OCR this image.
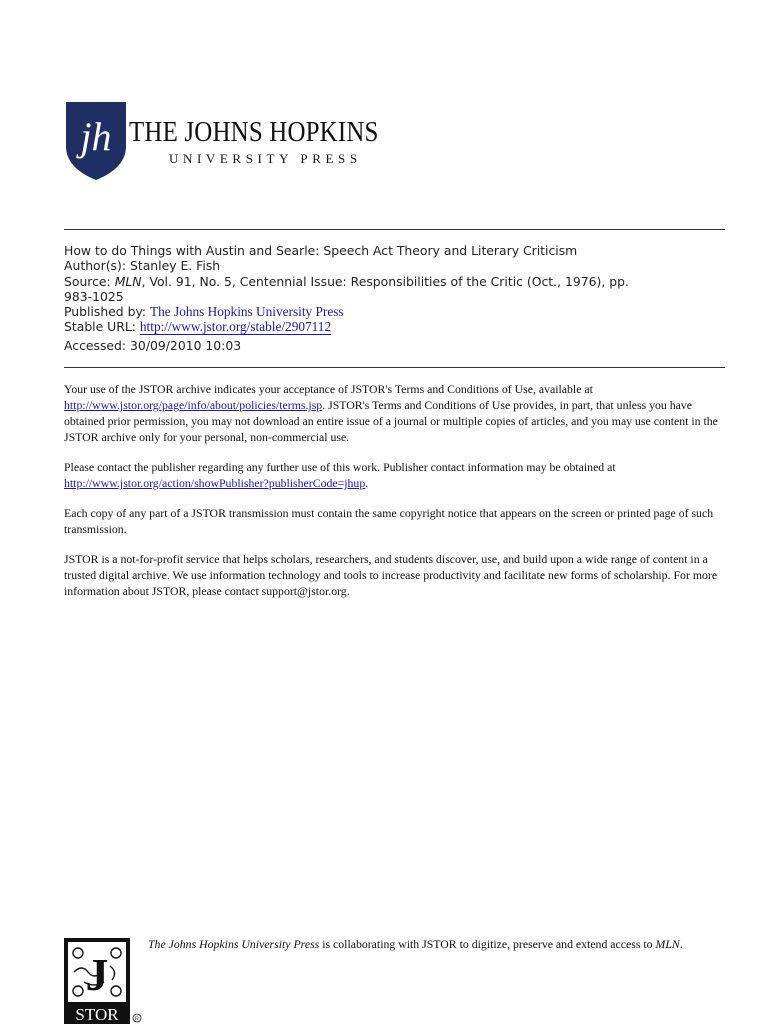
jh THE JOHNS HOPKINS
UNIVERSITY PRESS
How to do Things with Austin and Searle: Speech Act Theory and Literary Criticism
Author(s): Stanley E. Fish
Source: MLN, Vol. 91, No. 5, Centennial Issue: Responsibilities of the Critic (Oct., 1976), pp.
983-1025
Published by: The Johns Hopkins University Press
Stable URL: http://www.jstor.org/stable/2907112
Accessed: 30/09/2010 10:03

Your use of the JSTOR archive indicates your acceptance of JSTOR's Terms and Conditions of Use, available at http://www.jstor.org/page/info/about/policies/terms.jsp. JSTOR's Terms and Conditions of Use provides, in part, that unless you have obtained prior permission, you may not download an entire issue of a journal or multiple copies of articles, and you may use content in the JSTOR archive only for your personal, non-commercial use.

Please contact the publisher regarding any further use of this work. Publisher contact information may be obtained at http://www.jstor.org/action/showPublisher?publisherCode=jhup.

Each copy of any part of a JSTOR transmission must contain the same copyright notice that appears on the screen or printed page of such transmission.

JSTOR is a not-for-profit service that helps scholars, researchers, and students discover, use, and build upon a wide range of content in a trusted digital archive. We use information technology and tools to increase productivity and facilitate new forms of scholarship. For more information about JSTOR, please contact support@jstor.org.

J
STOR	R
The Johns Hopkins University Press is collaborating with JSTOR to digitize, preserve and extend access to MLN.
